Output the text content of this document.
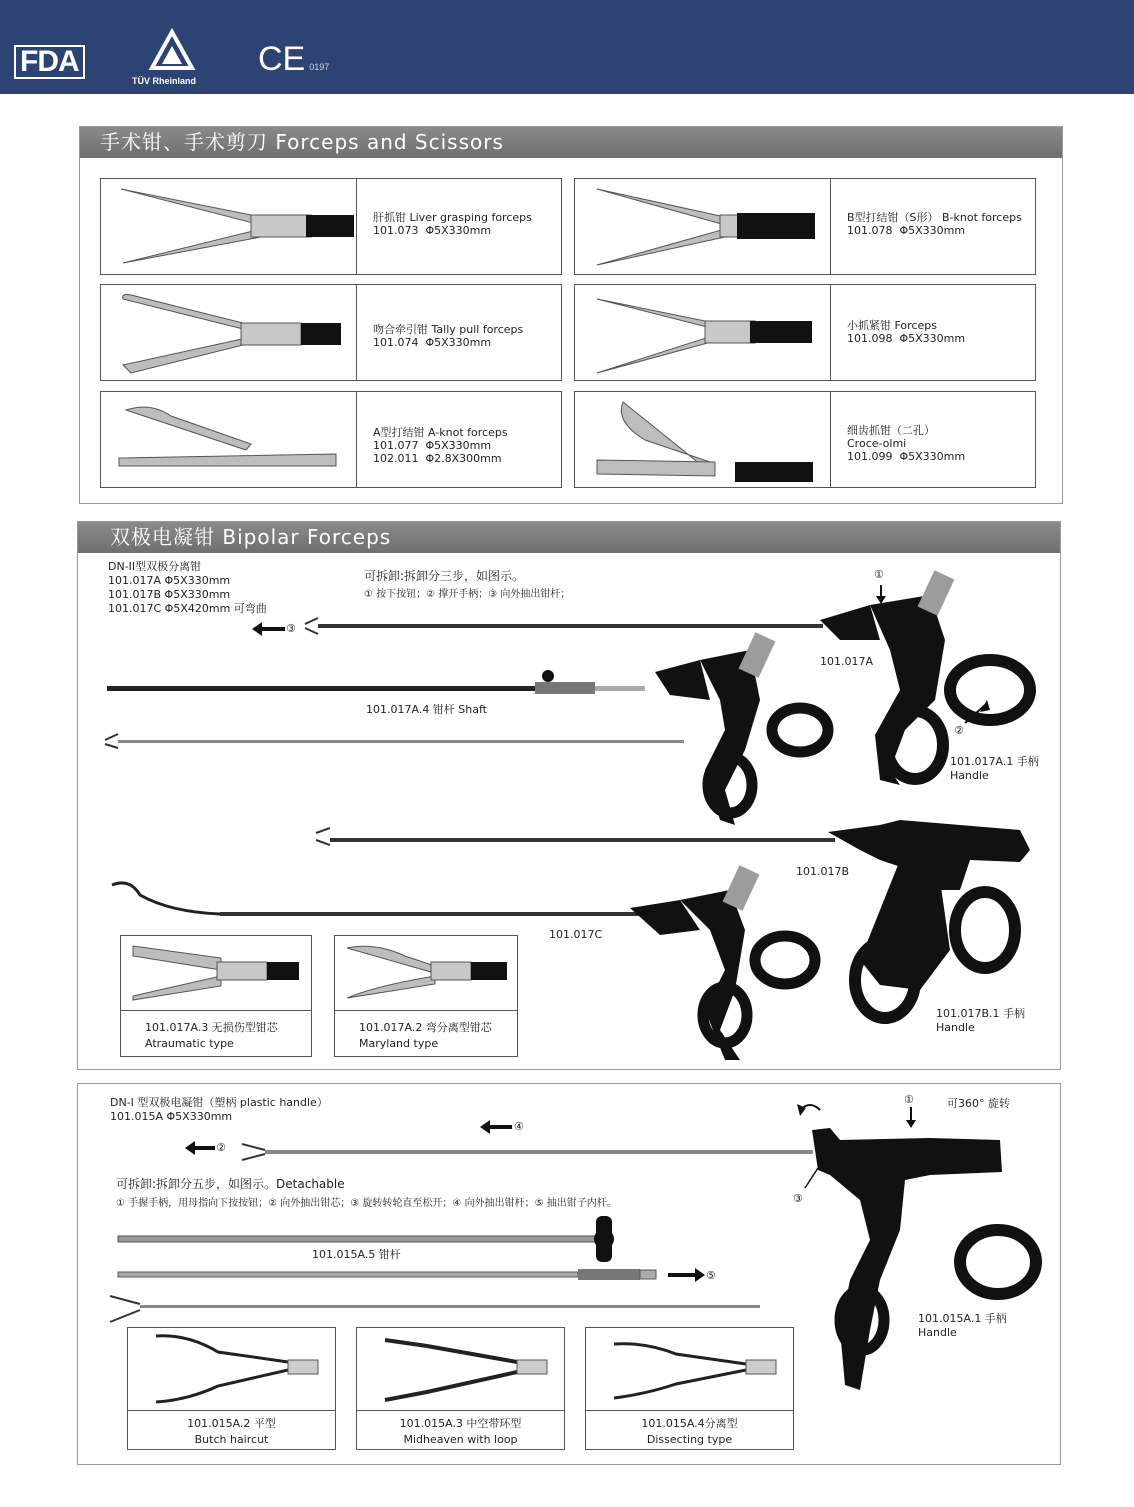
FDA
TÜV Rheinland
CE 0197
手术钳、手术剪刀 Forceps and Scissors
肝抓钳 Liver grasping forceps
101.073  Φ5X330mm
B型打结钳（S形） B-knot forceps
101.078  Φ5X330mm
吻合牵引钳 Tally pull forceps
101.074  Φ5X330mm
小抓紧钳 Forceps
101.098  Φ5X330mm
A型打结钳 A-knot forceps
101.077  Φ5X330mm
102.011  Φ2.8X300mm
细齿抓钳（二孔）
Croce-olmi
101.099  Φ5X330mm
双极电凝钳 Bipolar Forceps
DN-II型双极分离钳
101.017A Φ5X330mm
101.017B Φ5X330mm
101.017C Φ5X420mm 可弯曲
可拆卸:拆卸分三步，如图示。
① 按下按钮；② 撑开手柄；③ 向外抽出钳杆；
③
①
②
101.017A
101.017A.4 钳杆 Shaft
101.017A.1 手柄
Handle
101.017B
101.017C
101.017B.1 手柄
Handle
101.017A.3 无损伤型钳芯
Atraumatic type
101.017A.2 弯分离型钳芯
Maryland type
DN-I 型双极电凝钳（塑柄 plastic handle）
101.015A Φ5X330mm
可360° 旋转
可拆卸:拆卸分五步，如图示。Detachable
① 手握手柄，用母指向下按按钮；② 向外抽出钳芯；③ 旋转转轮直至松开；④ 向外抽出钳杆；⑤ 抽出钳子内杆。
④
②
⑤
①
③
101.015A.5 钳杆
101.015A.1 手柄
Handle
101.015A.2 平型
Butch haircut
101.015A.3 中空带环型
Midheaven with loop
101.015A.4分离型
Dissecting type
